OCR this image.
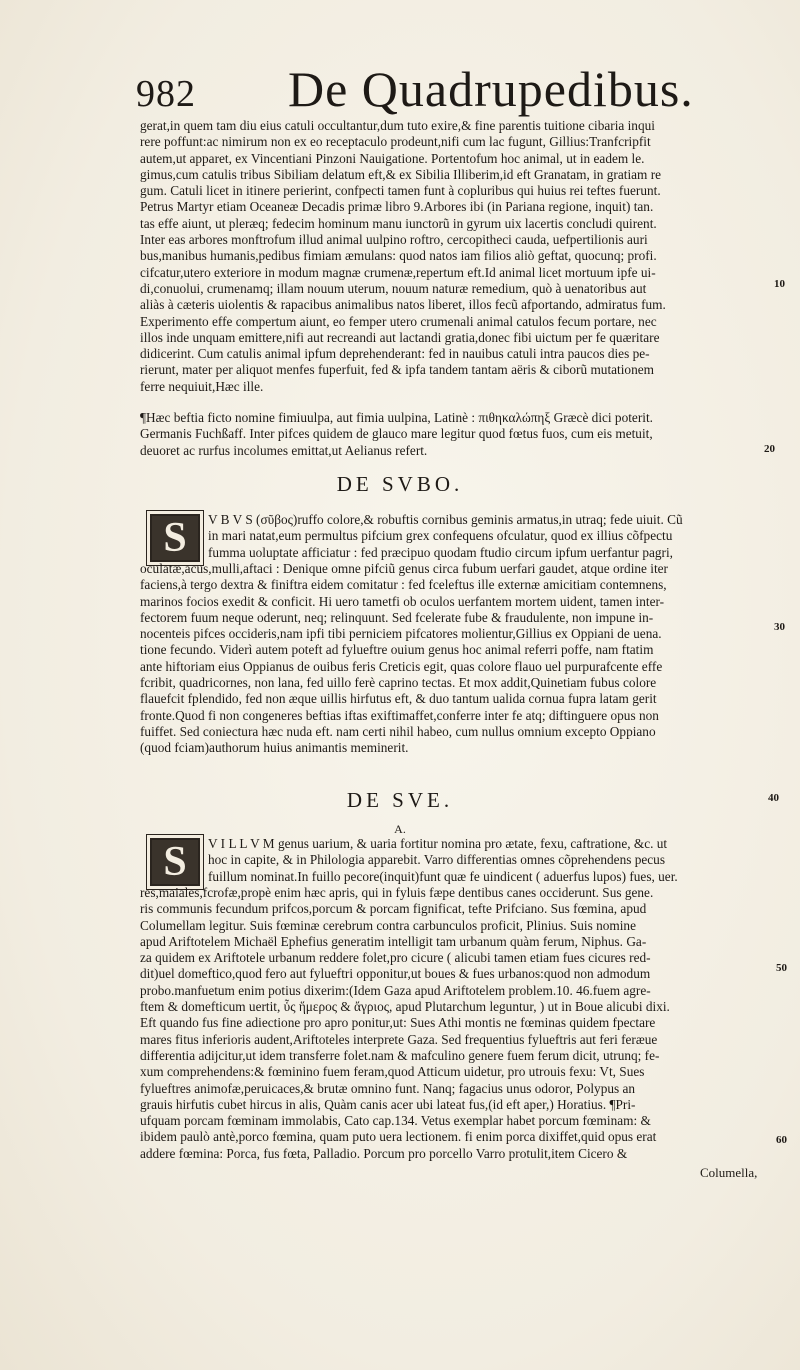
982 De Quadrupedibus.
gerat,in quem tam diu eius catuli occultantur,dum tuto exire,& fine parentis tuitione cibaria inqui
rere poffunt:ac nimirum non ex eo receptaculo prodeunt,nifi cum lac fugunt, Gillius:Tranfcripfit
autem,ut apparet, ex Vincentiani Pinzoni Nauigatione. Portentofum hoc animal, ut in eadem le.
gimus,cum catulis tribus Sibiliam delatum eft,& ex Sibilia Illiberim,id eft Granatam, in gratiam re
gum. Catuli licet in itinere perierint, confpecti tamen funt à copluribus qui huius rei teftes fuerunt.
Petrus Martyr etiam Oceaneæ Decadis primæ libro 9.Arbores ibi (in Pariana regione, inquit) tan.
tas effe aiunt, ut pleræq; fedecim hominum manu iunctorũ in gyrum uix lacertis concludi quirent.
Inter eas arbores monftrofum illud animal uulpino roftro, cercopitheci cauda, uefpertilionis auri
bus,manibus humanis,pedibus fimiam æmulans: quod natos iam filios aliò geftat, quocunq; profi.
cifcatur,utero exteriore in modum magnæ crumenæ,repertum eft.Id animal licet mortuum ipfe ui-
di,conuolui, crumenamq; illam nouum uterum, nouum naturæ remedium, quò à uenatoribus aut
aliàs à cæteris uiolentis & rapacibus animalibus natos liberet, illos fecũ afportando, admiratus fum.
Experimento effe compertum aiunt, eo femper utero crumenali animal catulos fecum portare, nec
illos inde unquam emittere,nifi aut recreandi aut lactandi gratia,donec fibi uictum per fe quæritare
didicerint. Cum catulis animal ipfum deprehenderant: fed in nauibus catuli intra paucos dies pe-
rierunt, mater per aliquot menfes fuperfuit, fed & ipfa tandem tantam aëris & ciborũ mutationem
ferre nequiuit,Hæc ille.
¶Hæc beftia ficto nomine fimiuulpa, aut fimia uulpina, Latinè : πιθηκαλώπηξ Græcè dici poterit.
Germanis Fuchßaff. Inter pifces quidem de glauco mare legitur quod fœtus fuos, cum eis metuit,
deuoret ac rurfus incolumes emittat,ut Aelianus refert.
10
20
30
40
50
60
DE SVBO.
S	V B V S (σῦβος)ruffo colore,& robuftis cornibus geminis armatus,in utraq; fede uiuit. Cũ
in mari natat,eum permultus pifcium grex confequens ofculatur, quod ex illius cõfpectu
fumma uoluptate afficiatur : fed præcipuo quodam ftudio circum ipfum uerfantur pagri,
oculatæ,acus,mulli,aftaci : Denique omne pifciũ genus circa fubum uerfari gaudet, atque ordine iter
faciens,à tergo dextra & finiftra eidem comitatur : fed fceleftus ille externæ amicitiam contemnens,
marinos focios exedit & conficit. Hi uero tametfi ob oculos uerfantem mortem uident, tamen inter-
fectorem fuum neque oderunt, neq; relinquunt. Sed fcelerate fube & fraudulente, non impune in-
nocenteis pifces occideris,nam ipfi tibi perniciem pifcatores molientur,Gillius ex Oppiani de uena.
tione fecundo. Viderì autem poteft ad fylueftre ouium genus hoc animal referri poffe, nam ftatim
ante hiftoriam eius Oppianus de ouibus feris Creticis egit, quas colore flauo uel purpurafcente effe
fcribit, quadricornes, non lana, fed uillo ferè caprino tectas. Et mox addit,Quinetiam fubus colore
flauefcit fplendido, fed non æque uillis hirfutus eft, & duo tantum ualida cornua fupra latam gerit
fronte.Quod fi non congeneres beftias iftas exiftimaffet,conferre inter fe atq; diftinguere opus non
fuiffet. Sed coniectura hæc nuda eft. nam certi nihil habeo, cum nullus omnium excepto Oppiano
(quod fciam)authorum huius animantis meminerit.
DE SVE.
A.
S	V I L L V M genus uarium, & uaria fortitur nomina pro ætate, fexu, caftratione, &c. ut
hoc in capite, & in Philologia apparebit. Varro differentias omnes cõprehendens pecus
fuillum nominat.In fuillo pecore(inquit)funt quæ fe uindicent ( aduerfus lupos) fues, uer.
res,maiales,fcrofæ,propè enim hæc apris, qui in fyluis fæpe dentibus canes occiderunt. Sus gene.
ris communis fecundum prifcos,porcum & porcam fignificat, tefte Prifciano. Sus fœmina, apud
Columellam legitur. Suis fœminæ cerebrum contra carbunculos proficit, Plinius. Suis nomine
apud Ariftotelem Michaël Ephefius generatim intelligit tam urbanum quàm ferum, Niphus. Ga-
za quidem ex Ariftotele urbanum reddere folet,pro cicure ( alicubi tamen etiam fues cicures red-
dit)uel domeftico,quod fero aut fylueftri opponitur,ut boues & fues urbanos:quod non admodum
probo.manfuetum enim potius dixerim:(Idem Gaza apud Ariftotelem problem.10. 46.fuem agre-
ftem & domefticum uertit, ὗς ἥμερος & ἄγριος, apud Plutarchum leguntur, ) ut in Boue alicubi dixi.
Eft quando fus fine adiectione pro apro ponitur,ut: Sues Athi montis ne fœminas quidem fpectare
mares fitus inferioris audent,Ariftoteles interprete Gaza. Sed frequentius fylueftris aut feri feræue
differentia adijcitur,ut idem transferre folet.nam & mafculino genere fuem ferum dicit, utrunq; fe-
xum comprehendens:& fœminino fuem feram,quod Atticum uidetur, pro utrouis fexu: Vt, Sues
fylueftres animofæ,peruicaces,& brutæ omnino funt. Nanq; fagacius unus odoror, Polypus an
grauis hirfutis cubet hircus in alis, Quàm canis acer ubi lateat fus,(id eft aper,) Horatius. ¶Pri-
ufquam porcam fœminam immolabis, Cato cap.134. Vetus exemplar habet porcum fœminam: &
ibidem paulò antè,porco fœmina, quam puto uera lectionem. fi enim porca dixiffet,quid opus erat
addere fœmina: Porca, fus fœta, Palladio. Porcum pro porcello Varro protulit,item Cicero &
Columella,
